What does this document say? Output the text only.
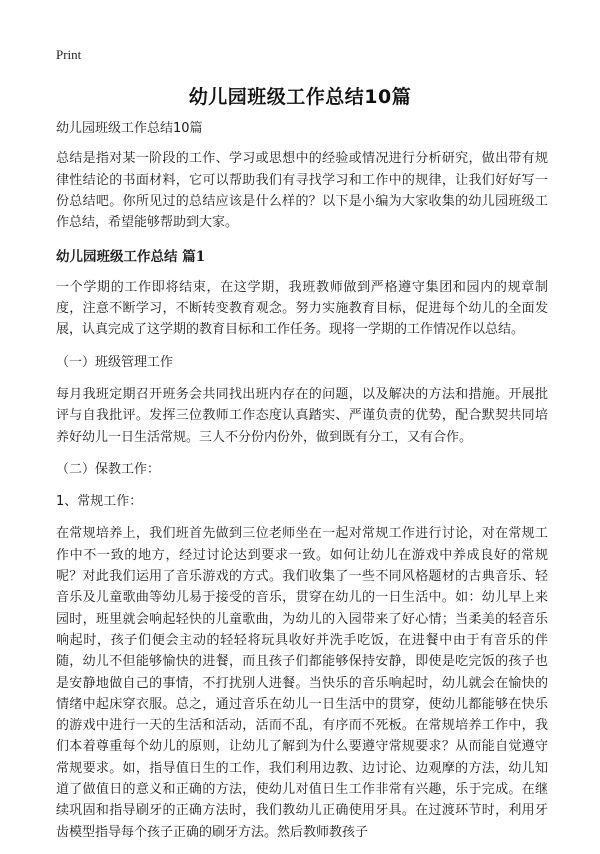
Print
幼儿园班级工作总结10篇

幼儿园班级工作总结10篇

总结是指对某一阶段的工作、学习或思想中的经验或情况进行分析研究，做出带有规律性结论的书面材料，它可以帮助我们有寻找学习和工作中的规律，让我们好好写一份总结吧。你所见过的总结应该是什么样的？以下是小编为大家收集的幼儿园班级工作总结，希望能够帮助到大家。

幼儿园班级工作总结 篇1

一个学期的工作即将结束，在这学期，我班教师做到严格遵守集团和园内的规章制度，注意不断学习，不断转变教育观念。努力实施教育目标，促进每个幼儿的全面发展，认真完成了这学期的教育目标和工作任务。现将一学期的工作情况作以总结。

（一）班级管理工作

每月我班定期召开班务会共同找出班内存在的问题，以及解决的方法和措施。开展批评与自我批评。发挥三位教师工作态度认真踏实、严谨负责的优势，配合默契共同培养好幼儿一日生活常规。三人不分份内份外，做到既有分工，又有合作。

（二）保教工作：

1、常规工作：

在常规培养上，我们班首先做到三位老师坐在一起对常规工作进行讨论，对在常规工作中不一致的地方，经过讨论达到要求一致。如何让幼儿在游戏中养成良好的常规呢？对此我们运用了音乐游戏的方式。我们收集了一些不同风格题材的古典音乐、轻音乐及儿童歌曲等幼儿易于接受的音乐，贯穿在幼儿的一日生活中。如：幼儿早上来园时，班里就会响起轻快的儿童歌曲，为幼儿的入园带来了好心情；当柔美的轻音乐响起时，孩子们便会主动的轻轻将玩具收好并洗手吃饭，在进餐中由于有音乐的伴随，幼儿不但能够愉快的进餐，而且孩子们都能够保持安静，即使是吃完饭的孩子也是安静地做自己的事情，不打扰别人进餐。当快乐的音乐响起时，幼儿就会在愉快的情绪中起床穿衣服。总之，通过音乐在幼儿一日生活中的贯穿，使幼儿都能够在快乐的游戏中进行一天的生活和活动，活而不乱，有序而不死板。在常规培养工作中，我们本着尊重每个幼儿的原则，让幼儿了解到为什么要遵守常规要求？从而能自觉遵守常规要求。如，指导值日生的工作，我们利用边教、边讨论、边观摩的方法，幼儿知道了做值日的意义和正确的方法，使幼儿对值日生工作非常有兴趣，乐于完成。在继续巩固和指导刷牙的正确方法时，我们教幼儿正确使用牙具。在过渡环节时，利用牙齿模型指导每个孩子正确的刷牙方法。然后教师教孩子
